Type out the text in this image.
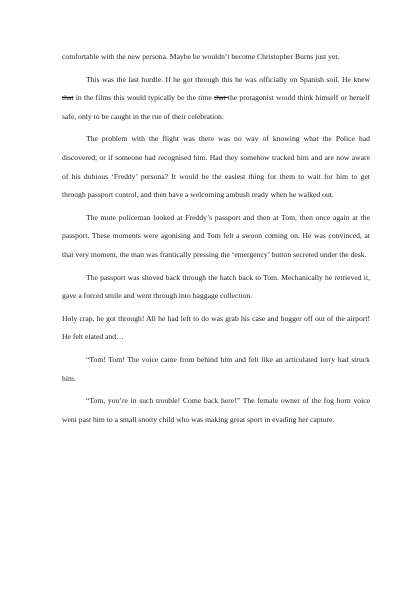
comfortable with the new persona. Maybe he wouldn’t become Christopher Burns just yet.

This was the last hurdle. If he got through this he was officially on Spanish soil. He knew that in the films this would typically be the time that the protagonist would think himself or herself safe, only to be caught in the rue of their celebration.

The problem with the flight was there was no way of knowing what the Police had discovered, or if someone had recognised him. Had they somehow tracked him and are now aware of his dubious ‘Freddy’ persona? It would be the easiest thing for them to wait for him to get through passport control, and then have a welcoming ambush ready when he walked out.

The mute policeman looked at Freddy’s passport and then at Tom, then once again at the passport. These moments were agonising and Tom felt a swoon coming on. He was convinced, at that very moment, the man was frantically pressing the ‘emergency’ button secreted under the desk.

The passport was shoved back through the hatch back to Tom. Mechanically he retrieved it, gave a forced smile and went through into baggage collection.

Holy crap, he got through! All he had left to do was grab his case and bugger off out of the airport! He felt elated and…

“Tom! Tom! The voice came from behind him and felt like an articulated lorry had struck him.

“Tom, you’re in such trouble! Come back here!” The female owner of the fog horn voice went past him to a small snotty child who was making great sport in evading her capture.
